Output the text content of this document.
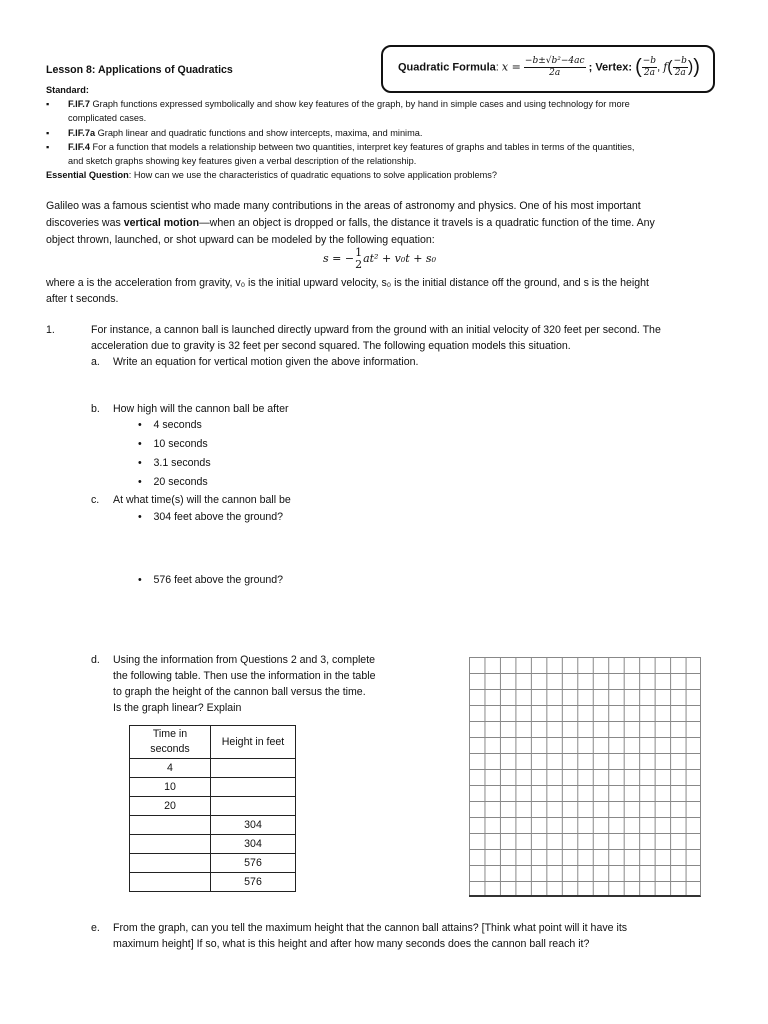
Lesson 8: Applications of Quadratics	Quadratic Formula: $x = \frac{\text{−b±√b²−4ac}}{2a}$ ; Vertex: ( $\frac{-b}{2a}$ , $f( \frac{-b}{2a}$ ))
Standard:
▪ F.IF.7 Graph functions expressed symbolically and show key features of the graph, by hand in simple cases and using technology for more
complicated cases.
▪ F.IF.7a Graph linear and quadratic functions and show intercepts, maxima, and minima.
▪ F.IF.4 For a function that models a relationship between two quantities, interpret key features of graphs and tables in terms of the quantities,
and sketch graphs showing key features given a verbal description of the relationship.
Essential Question: How can we use the characteristics of quadratic equations to solve application problems?
Galileo was a famous scientist who made many contributions in the areas of astronomy and physics. One of his most important
discoveries was vertical motion—when an object is dropped or falls, the distance it travels is a quadratic function of the time. Any
object thrown, launched, or shot upward can be modeled by the following equation:
s = − 1
2 at² + v₀t + s₀
where a is the acceleration from gravity, v₀ is the initial upward velocity, s₀ is the initial distance off the ground, and s is the height
after t seconds.
1.	For instance, a cannon ball is launched directly upward from the ground with an initial velocity of 320 feet per second. The
acceleration due to gravity is 32 feet per second squared. The following equation models this situation.
a. Write an equation for vertical motion given the above information.
b. How high will the cannon ball be after
•    4 seconds
•    10 seconds
•    3.1 seconds
•    20 seconds
c. At what time(s) will the cannon ball be
•    304 feet above the ground?
•    576 feet above the ground?
d. Using the information from Questions 2 and 3, complete
the following table. Then use the information in the table
to graph the height of the cannon ball versus the time.
Is the graph linear? Explain
Time in
seconds	Height in feet
4	
10	
20	
	304
	304
	576
	576
e. From the graph, can you tell the maximum height that the cannon ball attains? [Think what point will it have its
maximum height] If so, what is this height and after how many seconds does the cannon ball reach it?
